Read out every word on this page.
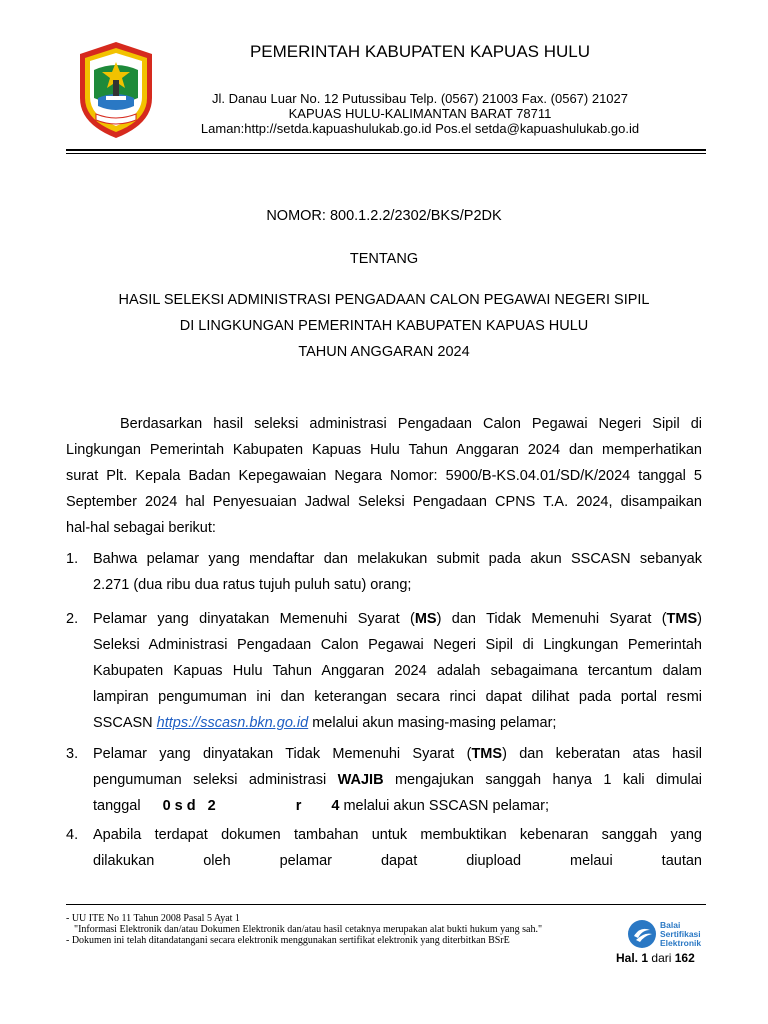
PEMERINTAH KABUPATEN KAPUAS HULU
Jl. Danau Luar No. 12 Putussibau Telp. (0567) 21003 Fax. (0567) 21027
KAPUAS HULU-KALIMANTAN BARAT 78711
Laman:http://setda.kapuashulukab.go.id Pos.el setda@kapuashulukab.go.id
NOMOR: 800.1.2.2/2302/BKS/P2DK
TENTANG
HASIL SELEKSI ADMINISTRASI PENGADAAN CALON PEGAWAI NEGERI SIPIL
DI LINGKUNGAN PEMERINTAH KABUPATEN KAPUAS HULU
TAHUN ANGGARAN 2024
Berdasarkan hasil seleksi administrasi Pengadaan Calon Pegawai Negeri Sipil di
Lingkungan Pemerintah Kabupaten Kapuas Hulu Tahun Anggaran 2024 dan memperhatikan
surat Plt. Kepala Badan Kepegawaian Negara Nomor: 5900/B-KS.04.01/SD/K/2024 tanggal 5
September 2024 hal Penyesuaian Jadwal Seleksi Pengadaan CPNS T.A. 2024, disampaikan
hal-hal sebagai berikut:
1.	Bahwa pelamar yang mendaftar dan melakukan submit pada akun SSCASN sebanyak
2.271 (dua ribu dua ratus tujuh puluh satu) orang;
2.	Pelamar yang dinyatakan Memenuhi Syarat (MS) dan Tidak Memenuhi Syarat (TMS)
Seleksi Administrasi Pengadaan Calon Pegawai Negeri Sipil di Lingkungan Pemerintah
Kabupaten Kapuas Hulu Tahun Anggaran 2024 adalah sebagaimana tercantum dalam
lampiran pengumuman ini dan keterangan secara rinci dapat dilihat pada portal resmi
SSCASN https://sscasn.bkn.go.id melalui akun masing-masing pelamar;
3.	Pelamar yang dinyatakan Tidak Memenuhi Syarat (TMS) dan keberatan atas hasil
pengumuman seleksi administrasi WAJIB mengajukan sanggah hanya 1 kali dimulai
tanggal 0 s d 2	r 4 melalui akun SSCASN pelamar;
4.	Apabila terdapat dokumen tambahan untuk membuktikan kebenaran sanggah yang
dilakukan oleh pelamar dapat diupload melaui tautan
- UU ITE No 11 Tahun 2008 Pasal 5 Ayat 1
"Informasi Elektronik dan/atau Dokumen Elektronik dan/atau hasil cetaknya merupakan alat bukti hukum yang sah."
- Dokumen ini telah ditandatangani secara elektronik menggunakan sertifikat elektronik yang diterbitkan BSrE
Balai
Sertifikasi
Elektronik
Hal. 1 dari 162
